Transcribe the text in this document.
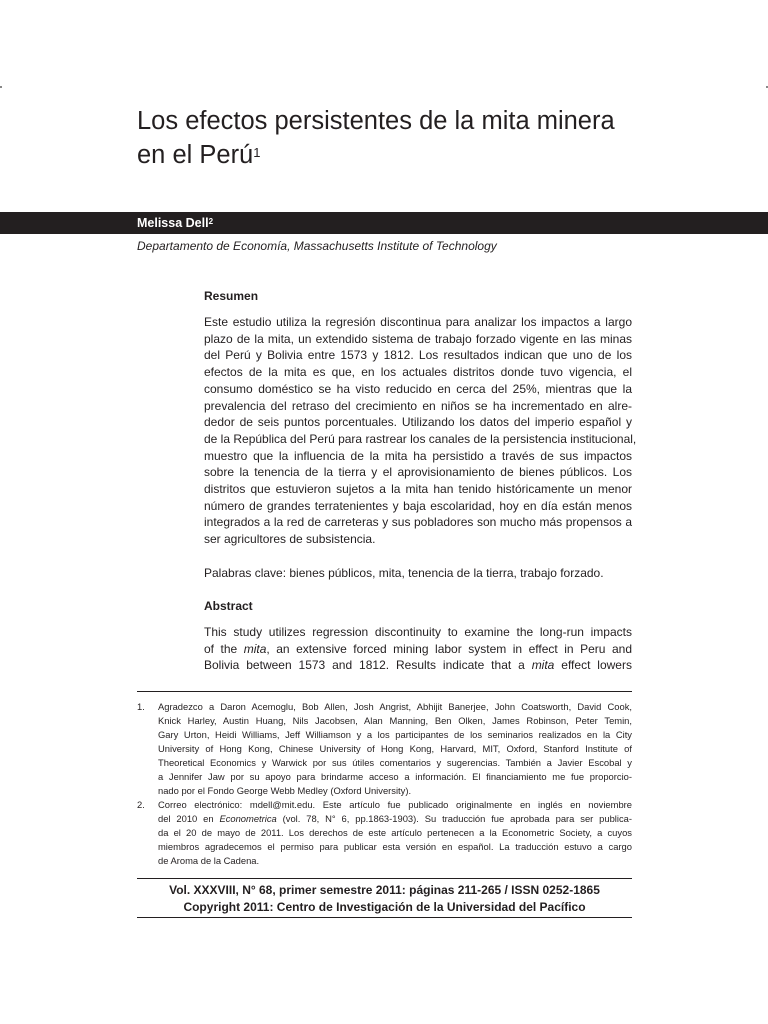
Los efectos persistentes de la mita minera
en el Perú$^1$
Melissa Dell$^2$
Departamento de Economía, Massachusetts Institute of Technology
Resumen
Este estudio utiliza la regresión discontinua para analizar los impactos a largo
plazo de la mita, un extendido sistema de trabajo forzado vigente en las minas
del Perú y Bolivia entre 1573 y 1812. Los resultados indican que uno de los
efectos de la mita es que, en los actuales distritos donde tuvo vigencia, el
consumo doméstico se ha visto reducido en cerca del 25%, mientras que la
prevalencia del retraso del crecimiento en niños se ha incrementado en alre-
dedor de seis puntos porcentuales. Utilizando los datos del imperio español y
de la República del Perú para rastrear los canales de la persistencia institucional,
muestro que la influencia de la mita ha persistido a través de sus impactos
sobre la tenencia de la tierra y el aprovisionamiento de bienes públicos. Los
distritos que estuvieron sujetos a la mita han tenido históricamente un menor
número de grandes terratenientes y baja escolaridad, hoy en día están menos
integrados a la red de carreteras y sus pobladores son mucho más propensos a
ser agricultores de subsistencia.
Palabras clave: bienes públicos, mita, tenencia de la tierra, trabajo forzado.
Abstract
This study utilizes regression discontinuity to examine the long-run impacts
of the mita, an extensive forced mining labor system in effect in Peru and
Bolivia between 1573 and 1812. Results indicate that a mita effect lowers
1. Agradezco a Daron Acemoglu, Bob Allen, Josh Angrist, Abhijit Banerjee, John Coatsworth, David Cook,
Knick Harley, Austin Huang, Nils Jacobsen, Alan Manning, Ben Olken, James Robinson, Peter Temin,
Gary Urton, Heidi Williams, Jeff Williamson y a los participantes de los seminarios realizados en la City
University of Hong Kong, Chinese University of Hong Kong, Harvard, MIT, Oxford, Stanford Institute of
Theoretical Economics y Warwick por sus útiles comentarios y sugerencias. También a Javier Escobal y
a Jennifer Jaw por su apoyo para brindarme acceso a información. El financiamiento me fue proporcio-
nado por el Fondo George Webb Medley (Oxford University).
2. Correo electrónico: mdell@mit.edu. Este artículo fue publicado originalmente en inglés en noviembre
del 2010 en Econometrica (vol. 78, N° 6, pp.1863-1903). Su traducción fue aprobada para ser publica-
da el 20 de mayo de 2011. Los derechos de este artículo pertenecen a la Econometric Society, a cuyos
miembros agradecemos el permiso para publicar esta versión en español. La traducción estuvo a cargo
de Aroma de la Cadena.
Vol. XXXVIII, N° 68, primer semestre 2011: páginas 211-265 / ISSN 0252-1865
Copyright 2011: Centro de Investigación de la Universidad del Pacífico
